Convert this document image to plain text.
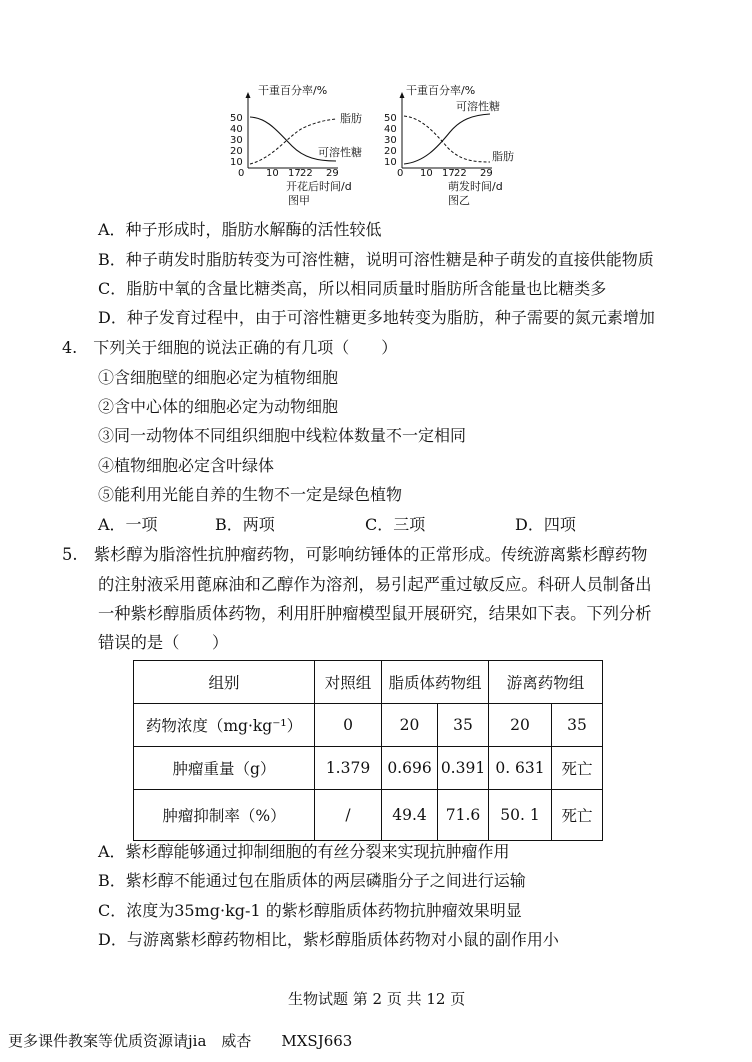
干重百分率/%
50
40
30
20
10
0 10 17 22 29
脂肪
可溶性糖
开花后时间/d
图甲
干重百分率/%
50
40
30
20
10
0 10 17 22 29
可溶性糖
脂肪
萌发时间/d
图乙
A．种子形成时，脂肪水解酶的活性较低
B．种子萌发时脂肪转变为可溶性糖，说明可溶性糖是种子萌发的直接供能物质
C．脂肪中氧的含量比糖类高，所以相同质量时脂肪所含能量也比糖类多
D．种子发育过程中，由于可溶性糖更多地转变为脂肪，种子需要的氮元素增加
4.　下列关于细胞的说法正确的有几项（　　）
①含细胞壁的细胞必定为植物细胞
②含中心体的细胞必定为动物细胞
③同一动物体不同组织细胞中线粒体数量不一定相同
④植物细胞必定含叶绿体
⑤能利用光能自养的生物不一定是绿色植物
A．一项	B．两项	C．三项	D．四项
5.　紫杉醇为脂溶性抗肿瘤药物，可影响纺锤体的正常形成。传统游离紫杉醇药物
的注射液采用蓖麻油和乙醇作为溶剂，易引起严重过敏反应。科研人员制备出
一种紫杉醇脂质体药物，利用肝肿瘤模型鼠开展研究，结果如下表。下列分析
错误的是（　　）
组别	对照组	脂质体药物组		游离药物组	
药物浓度（mg·kg⁻¹）	0	20	35	20	35
肿瘤重量（g）	1.379	0.696	0.391	0. 631	死亡
肿瘤抑制率（%）	/	49.4	71.6	50. 1	死亡
A．紫杉醇能够通过抑制细胞的有丝分裂来实现抗肿瘤作用
B．紫杉醇不能通过包在脂质体的两层磷脂分子之间进行运输
C．浓度为35mg·kg-1 的紫杉醇脂质体药物抗肿瘤效果明显
D．与游离紫杉醇药物相比，紫杉醇脂质体药物对小鼠的副作用小
生物试题 第 2 页 共 12 页
更多课件教案等优质资源请jia　威杏　　MXSJ663
